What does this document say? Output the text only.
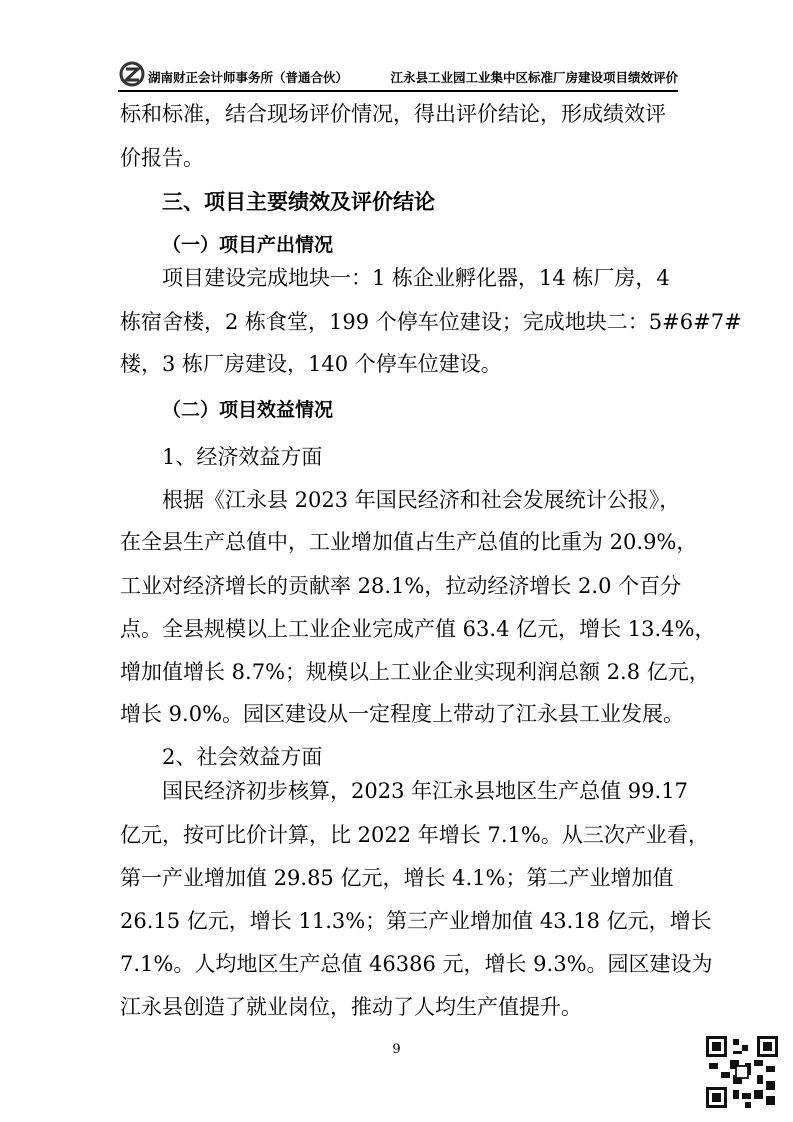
湖南财正会计师事务所（普通合伙）	江永县工业园工业集中区标准厂房建设项目绩效评价
标和标准，结合现场评价情况，得出评价结论，形成绩效评
价报告。
三、项目主要绩效及评价结论
（一）项目产出情况
项目建设完成地块一：1 栋企业孵化器，14 栋厂房，4
栋宿舍楼，2 栋食堂，199 个停车位建设；完成地块二：5#6#7#
楼，3 栋厂房建设，140 个停车位建设。
（二）项目效益情况
1、经济效益方面
根据《江永县 2023 年国民经济和社会发展统计公报》，
在全县生产总值中，工业增加值占生产总值的比重为 20.9%，
工业对经济增长的贡献率 28.1%，拉动经济增长 2.0 个百分
点。全县规模以上工业企业完成产值 63.4 亿元，增长 13.4%，
增加值增长 8.7%；规模以上工业企业实现利润总额 2.8 亿元，
增长 9.0%。园区建设从一定程度上带动了江永县工业发展。
2、社会效益方面
国民经济初步核算，2023 年江永县地区生产总值 99.17
亿元，按可比价计算，比 2022 年增长 7.1%。从三次产业看，
第一产业增加值 29.85 亿元，增长 4.1%；第二产业增加值
26.15 亿元，增长 11.3%；第三产业增加值 43.18 亿元，增长
7.1%。人均地区生产总值 46386 元，增长 9.3%。园区建设为
江永县创造了就业岗位，推动了人均生产值提升。
9
